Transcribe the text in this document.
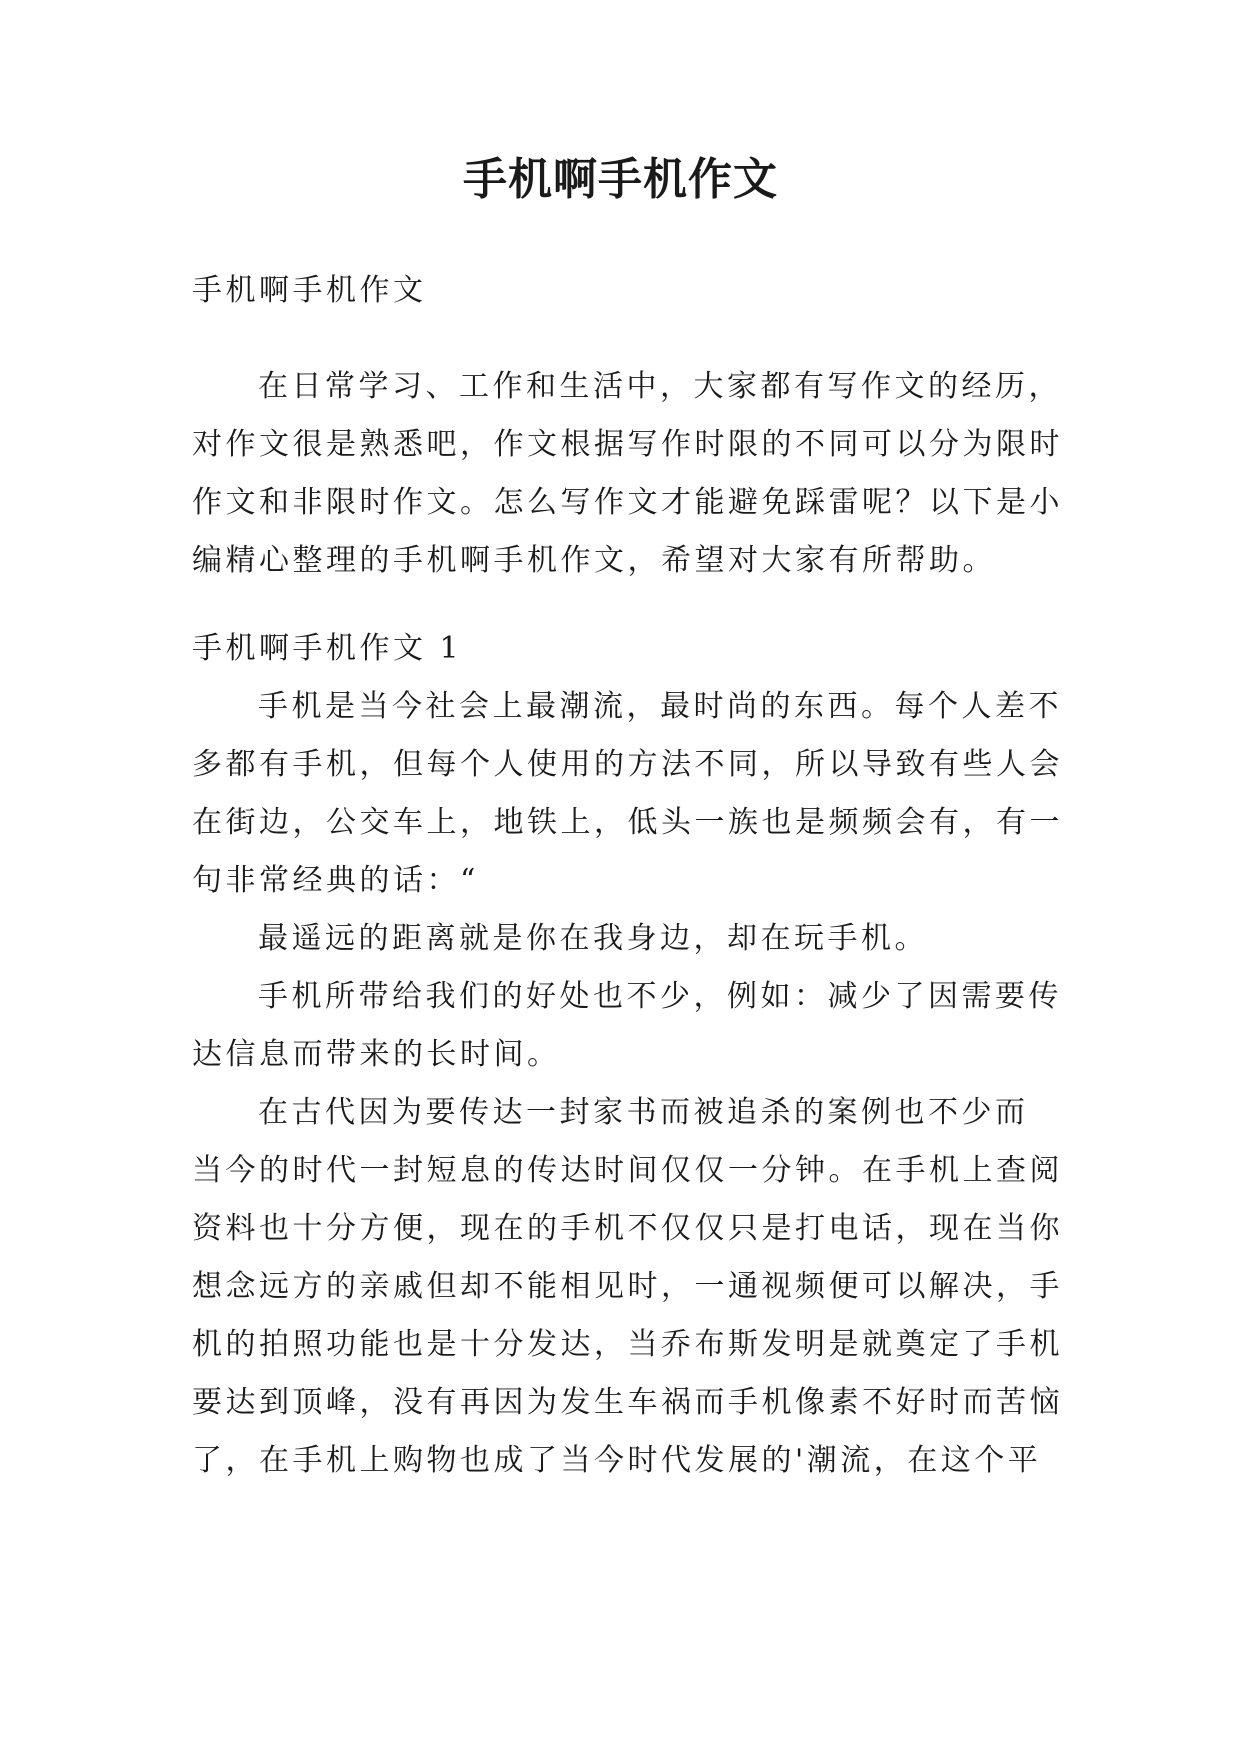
手机啊手机作文

手机啊手机作文

在日常学习、工作和生活中，大家都有写作文的经历，
对作文很是熟悉吧，作文根据写作时限的不同可以分为限时
作文和非限时作文。怎么写作文才能避免踩雷呢？以下是小
编精心整理的手机啊手机作文，希望对大家有所帮助。

手机啊手机作文 1

手机是当今社会上最潮流，最时尚的东西。每个人差不
多都有手机，但每个人使用的方法不同，所以导致有些人会
在街边，公交车上，地铁上，低头一族也是频频会有，有一
句非常经典的话：“
最遥远的距离就是你在我身边，却在玩手机。
手机所带给我们的好处也不少，例如：减少了因需要传
达信息而带来的长时间。
在古代因为要传达一封家书而被追杀的案例也不少而
当今的时代一封短息的传达时间仅仅一分钟。在手机上查阅
资料也十分方便，现在的手机不仅仅只是打电话，现在当你
想念远方的亲戚但却不能相见时，一通视频便可以解决，手
机的拍照功能也是十分发达，当乔布斯发明是就奠定了手机
要达到顶峰，没有再因为发生车祸而手机像素不好时而苦恼
了，在手机上购物也成了当今时代发展的'潮流，在这个平
